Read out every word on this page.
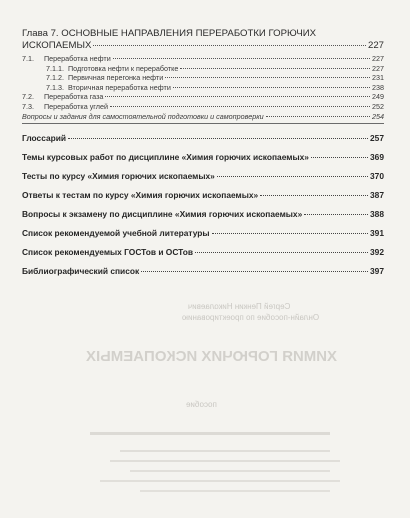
Глава 7. ОСНОВНЫЕ НАПРАВЛЕНИЯ ПЕРЕРАБОТКИ ГОРЮЧИХ
ИСКОПАЕМЫХ	227
7.1. Переработка нефти	227
7.1.1. Подготовка нефти к переработке	227
7.1.2. Первичная перегонка нефти	231
7.1.3. Вторичная переработка нефти	238
7.2. Переработка газа	249
7.3. Переработка углей	252
Вопросы и задания для самостоятельной подготовки и самопроверки	254
Глоссарий	257
Темы курсовых работ по дисциплине «Химия горючих ископаемых»	369
Тесты по курсу «Химия горючих ископаемых»	370
Ответы к тестам по курсу «Химия горючих ископаемых»	387
Вопросы к экзамену по дисциплине «Химия горючих ископаемых»	388
Список рекомендуемой учебной литературы	391
Список рекомендуемых ГОСТов и ОСТов	392
Библиографический список	397
Сергей Пенкин Николаевич
Онлайн-пособие по проектированию
ХИМИЯ ГОРЮЧИХ ИСКОПАЕМЫХ
пособие
